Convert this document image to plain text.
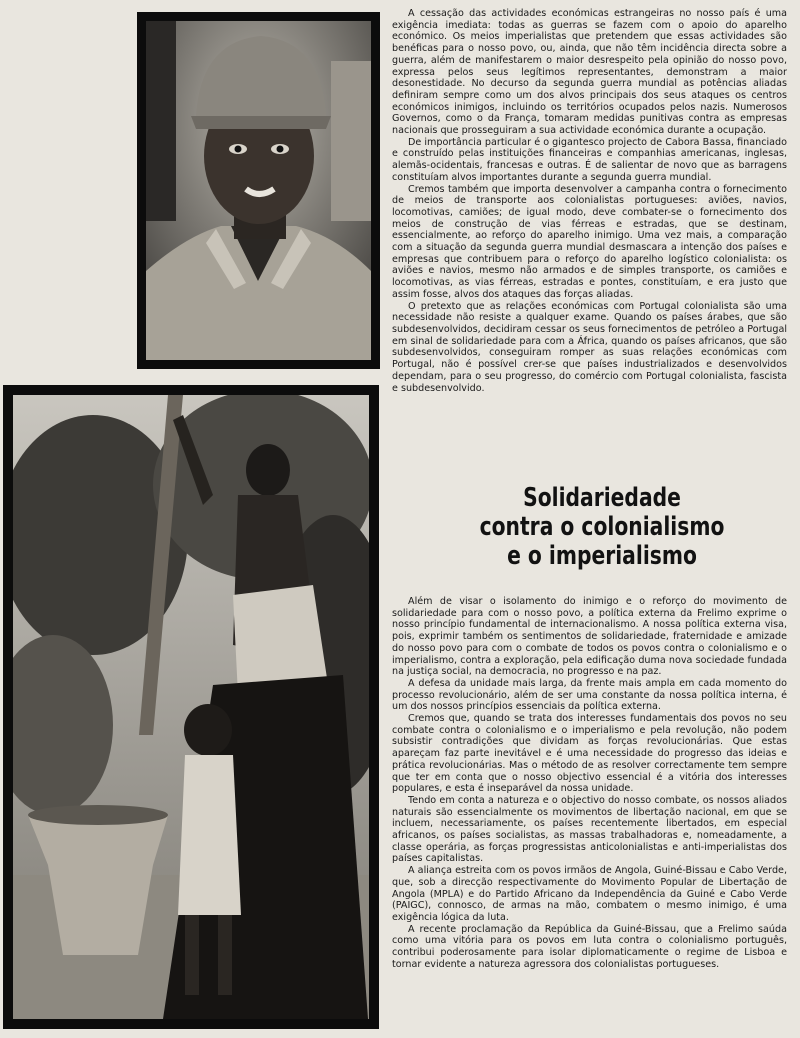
A cessação das actividades económicas estrangeiras no nosso país é uma exigência imediata: todas as guerras se fazem com o apoio do aparelho económico. Os meios imperialistas que pretendem que essas actividades são benéficas para o nosso povo, ou, ainda, que não têm incidência directa sobre a guerra, além de manifestarem o maior desrespeito pela opinião do nosso povo, expressa pelos seus legítimos representantes, demonstram a maior desonestidade. No decurso da segunda guerra mundial as potências aliadas definiram sempre como um dos alvos principais dos seus ataques os centros económicos inimigos, incluindo os territórios ocupados pelos nazis. Numerosos Governos, como o da França, tomaram medidas punitivas contra as empresas nacionais que prosseguiram a sua actividade económica durante a ocupação.

De importância particular é o gigantesco projecto de Cabora Bassa, financiado e construído pelas instituições financeiras e companhias americanas, inglesas, alemãs-ocidentais, francesas e outras. É de salientar de novo que as barragens constituíam alvos importantes durante a segunda guerra mundial.

Cremos também que importa desenvolver a campanha contra o fornecimento de meios de transporte aos colonialistas portugueses: aviões, navios, locomotivas, camiões; de igual modo, deve combater-se o fornecimento dos meios de construção de vias férreas e estradas, que se destinam, essencialmente, ao reforço do aparelho inimigo. Uma vez mais, a comparação com a situação da segunda guerra mundial desmascara a intenção dos países e empresas que contribuem para o reforço do aparelho logístico colonialista: os aviões e navios, mesmo não armados e de simples transporte, os camiões e locomotivas, as vias férreas, estradas e pontes, constituíam, e era justo que assim fosse, alvos dos ataques das forças aliadas.

O pretexto que as relações económicas com Portugal colonialista são uma necessidade não resiste a qualquer exame. Quando os países árabes, que são subdesenvolvidos, decidiram cessar os seus fornecimentos de petróleo a Portugal em sinal de solidariedade para com a África, quando os países africanos, que são subdesenvolvidos, conseguiram romper as suas relações económicas com Portugal, não é possível crer-se que países industrializados e desenvolvidos dependam, para o seu progresso, do comércio com Portugal colonialista, fascista e subdesenvolvido.

Solidariedade
contra o colonialismo
e o imperialismo

Além de visar o isolamento do inimigo e o reforço do movimento de solidariedade para com o nosso povo, a política externa da Frelimo exprime o nosso princípio fundamental de internacionalismo. A nossa política externa visa, pois, exprimir também os sentimentos de solidariedade, fraternidade e amizade do nosso povo para com o combate de todos os povos contra o colonialismo e o imperialismo, contra a exploração, pela edificação duma nova sociedade fundada na justiça social, na democracia, no progresso e na paz.

A defesa da unidade mais larga, da frente mais ampla em cada momento do processo revolucionário, além de ser uma constante da nossa política interna, é um dos nossos princípios essenciais da política externa.

Cremos que, quando se trata dos interesses fundamentais dos povos no seu combate contra o colonialismo e o imperialismo e pela revolução, não podem subsistir contradições que dividam as forças revolucionárias. Que estas apareçam faz parte inevitável e é uma necessidade do progresso das ideias e prática revolucionárias. Mas o método de as resolver correctamente tem sempre que ter em conta que o nosso objectivo essencial é a vitória dos interesses populares, e esta é inseparável da nossa unidade.

Tendo em conta a natureza e o objectivo do nosso combate, os nossos aliados naturais são essencialmente os movimentos de libertação nacional, em que se incluem, necessariamente, os países recentemente libertados, em especial africanos, os países socialistas, as massas trabalhadoras e, nomeadamente, a classe operária, as forças progressistas anticolonialistas e anti-imperialistas dos países capitalistas.

A aliança estreita com os povos irmãos de Angola, Guiné-Bissau e Cabo Verde, que, sob a direcção respectivamente do Movimento Popular de Libertação de Angola (MPLA) e do Partido Africano da Independência da Guiné e Cabo Verde (PAIGC), connosco, de armas na mão, combatem o mesmo inimigo, é uma exigência lógica da luta.

A recente proclamação da República da Guiné-Bissau, que a Frelimo saúda como uma vitória para os povos em luta contra o colonialismo português, contribui poderosamente para isolar diplomaticamente o regime de Lisboa e tornar evidente a natureza agressora dos colonialistas portugueses.
